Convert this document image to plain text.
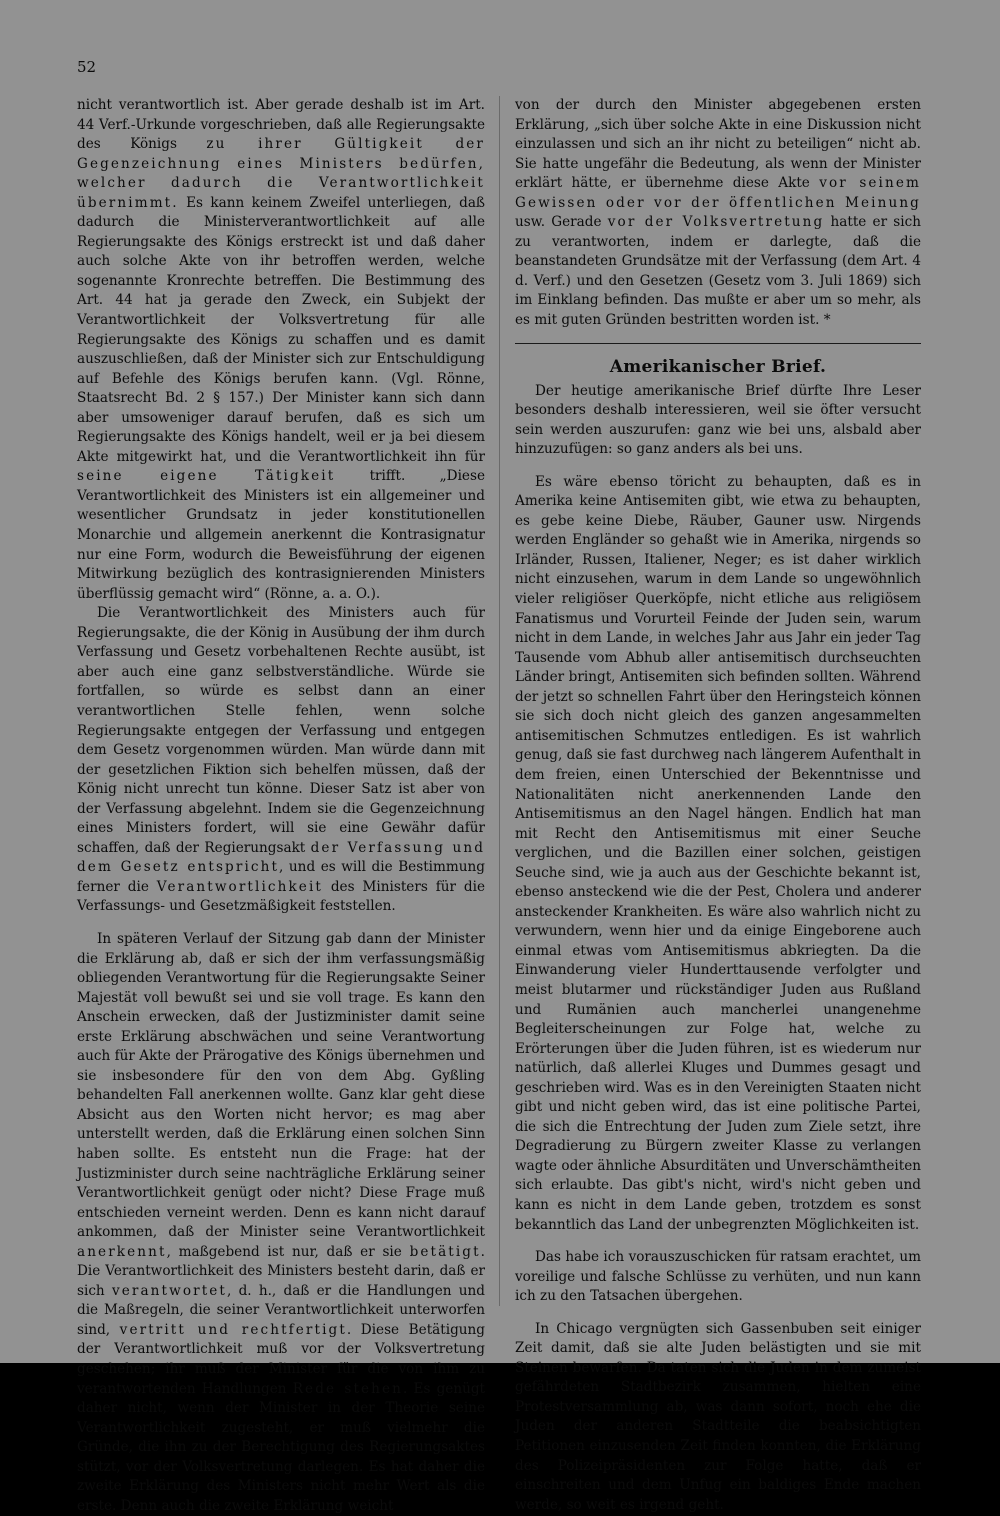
52

nicht verantwortlich ist. Aber gerade deshalb ist im Art. 44 Verf.-Urkunde vorgeschrieben, daß alle Regierungsakte des Königs zu ihrer Gültigkeit der Gegenzeichnung eines Ministers bedürfen, welcher dadurch die Verantwortlichkeit übernimmt. Es kann keinem Zweifel unterliegen, daß dadurch die Ministerverantwortlichkeit auf alle Regierungsakte des Königs erstreckt ist und daß daher auch solche Akte von ihr betroffen werden, welche sogenannte Kronrechte betreffen. Die Bestimmung des Art. 44 hat ja gerade den Zweck, ein Subjekt der Verantwortlichkeit der Volksvertretung für alle Regierungsakte des Königs zu schaffen und es damit auszuschließen, daß der Minister sich zur Entschuldigung auf Befehle des Königs berufen kann. (Vgl. Rönne, Staatsrecht Bd. 2 § 157.) Der Minister kann sich dann aber umsoweniger darauf berufen, daß es sich um Regierungsakte des Königs handelt, weil er ja bei diesem Akte mitgewirkt hat, und die Verantwortlichkeit ihn für seine eigene Tätigkeit trifft. „Diese Verantwortlichkeit des Ministers ist ein allgemeiner und wesentlicher Grundsatz in jeder konstitutionellen Monarchie und allgemein anerkennt die Kontrasignatur nur eine Form, wodurch die Beweisführung der eigenen Mitwirkung bezüglich des kontrasignierenden Ministers überflüssig gemacht wird“ (Rönne, a. a. O.).

Die Verantwortlichkeit des Ministers auch für Regierungsakte, die der König in Ausübung der ihm durch Verfassung und Gesetz vorbehaltenen Rechte ausübt, ist aber auch eine ganz selbstverständliche. Würde sie fortfallen, so würde es selbst dann an einer verantwortlichen Stelle fehlen, wenn solche Regierungsakte entgegen der Verfassung und entgegen dem Gesetz vorgenommen würden. Man würde dann mit der gesetzlichen Fiktion sich behelfen müssen, daß der König nicht unrecht tun könne. Dieser Satz ist aber von der Verfassung abgelehnt. Indem sie die Gegenzeichnung eines Ministers fordert, will sie eine Gewähr dafür schaffen, daß der Regierungsakt der Verfassung und dem Gesetz entspricht, und es will die Bestimmung ferner die Verantwortlichkeit des Ministers für die Verfassungs- und Gesetzmäßigkeit feststellen.

In späteren Verlauf der Sitzung gab dann der Minister die Erklärung ab, daß er sich der ihm verfassungsmäßig obliegenden Verantwortung für die Regierungsakte Seiner Majestät voll bewußt sei und sie voll trage. Es kann den Anschein erwecken, daß der Justizminister damit seine erste Erklärung abschwächen und seine Verantwortung auch für Akte der Prärogative des Königs übernehmen und sie insbesondere für den von dem Abg. Gyßling behandelten Fall anerkennen wollte. Ganz klar geht diese Absicht aus den Worten nicht hervor; es mag aber unterstellt werden, daß die Erklärung einen solchen Sinn haben sollte. Es entsteht nun die Frage: hat der Justizminister durch seine nachträgliche Erklärung seiner Verantwortlichkeit genügt oder nicht? Diese Frage muß entschieden verneint werden. Denn es kann nicht darauf ankommen, daß der Minister seine Verantwortlichkeit anerkennt, maßgebend ist nur, daß er sie betätigt. Die Verantwortlichkeit des Ministers besteht darin, daß er sich verantwortet, d. h., daß er die Handlungen und die Maßregeln, die seiner Verantwortlichkeit unterworfen sind, vertritt und rechtfertigt. Diese Betätigung der Verantwortlichkeit muß vor der Volksvertretung geschehen; ihr muß der Minister für die von ihm zu verantwortenden Handlungen Rede stehen. Es genügt daher nicht, wenn der Minister in der Theorie seine Verantwortlichkeit zugesteht, er muß vielmehr die Gründe, die ihn zu der Berechtigung des Regierungsaktes stützt, vor der Volksvertretung darlegen. Es hat daher die zweite Erklärung des Ministers nicht mehr Wert als die erste. Denn auch die zweite Erklärung weicht

von der durch den Minister abgegebenen ersten Erklärung, „sich über solche Akte in eine Diskussion nicht einzulassen und sich an ihr nicht zu beteiligen“ nicht ab. Sie hatte ungefähr die Bedeutung, als wenn der Minister erklärt hätte, er übernehme diese Akte vor seinem Gewissen oder vor der öffentlichen Meinung usw. Gerade vor der Volksvertretung hatte er sich zu verantworten, indem er darlegte, daß die beanstandeten Grundsätze mit der Verfassung (dem Art. 4 d. Verf.) und den Gesetzen (Gesetz vom 3. Juli 1869) sich im Einklang befinden. Das mußte er aber um so mehr, als es mit guten Gründen bestritten worden ist. *

Amerikanischer Brief.

Der heutige amerikanische Brief dürfte Ihre Leser besonders deshalb interessieren, weil sie öfter versucht sein werden auszurufen: ganz wie bei uns, alsbald aber hinzuzufügen: so ganz anders als bei uns.

Es wäre ebenso töricht zu behaupten, daß es in Amerika keine Antisemiten gibt, wie etwa zu behaupten, es gebe keine Diebe, Räuber, Gauner usw. Nirgends werden Engländer so gehaßt wie in Amerika, nirgends so Irländer, Russen, Italiener, Neger; es ist daher wirklich nicht einzusehen, warum in dem Lande so ungewöhnlich vieler religiöser Querköpfe, nicht etliche aus religiösem Fanatismus und Vorurteil Feinde der Juden sein, warum nicht in dem Lande, in welches Jahr aus Jahr ein jeder Tag Tausende vom Abhub aller antisemitisch durchseuchten Länder bringt, Antisemiten sich befinden sollten. Während der jetzt so schnellen Fahrt über den Heringsteich können sie sich doch nicht gleich des ganzen angesammelten antisemitischen Schmutzes entledigen. Es ist wahrlich genug, daß sie fast durchweg nach längerem Aufenthalt in dem freien, einen Unterschied der Bekenntnisse und Nationalitäten nicht anerkennenden Lande den Antisemitismus an den Nagel hängen. Endlich hat man mit Recht den Antisemitismus mit einer Seuche verglichen, und die Bazillen einer solchen, geistigen Seuche sind, wie ja auch aus der Geschichte bekannt ist, ebenso ansteckend wie die der Pest, Cholera und anderer ansteckender Krankheiten. Es wäre also wahrlich nicht zu verwundern, wenn hier und da einige Eingeborene auch einmal etwas vom Antisemitismus abkriegten. Da die Einwanderung vieler Hunderttausende verfolgter und meist blutarmer und rückständiger Juden aus Rußland und Rumänien auch mancherlei unangenehme Begleiterscheinungen zur Folge hat, welche zu Erörterungen über die Juden führen, ist es wiederum nur natürlich, daß allerlei Kluges und Dummes gesagt und geschrieben wird. Was es in den Vereinigten Staaten nicht gibt und nicht geben wird, das ist eine politische Partei, die sich die Entrechtung der Juden zum Ziele setzt, ihre Degradierung zu Bürgern zweiter Klasse zu verlangen wagte oder ähnliche Absurditäten und Unverschämtheiten sich erlaubte. Das gibt's nicht, wird's nicht geben und kann es nicht in dem Lande geben, trotzdem es sonst bekanntlich das Land der unbegrenzten Möglichkeiten ist.

Das habe ich vorauszuschicken für ratsam erachtet, um voreilige und falsche Schlüsse zu verhüten, und nun kann ich zu den Tatsachen übergehen.

In Chicago vergnügten sich Gassenbuben seit einiger Zeit damit, daß sie alte Juden belästigten und sie mit Steinen bewarfen. Da taten sich die Juden in dem zumeist gefährdeten Stadtbezirk zusammen, hielten eine Protestversammlung ab, was dann sofort, noch ehe die Juden der anderen Stadtteile die beabsichtigten Petitionen einzusenden Zeit finden konnten, die Erklärung des Polizeipräsidenten zur Folge hatte, daß er einschreiten und dem Unfug ein baldiges Ende machen werde, so weit es irgend geht.
